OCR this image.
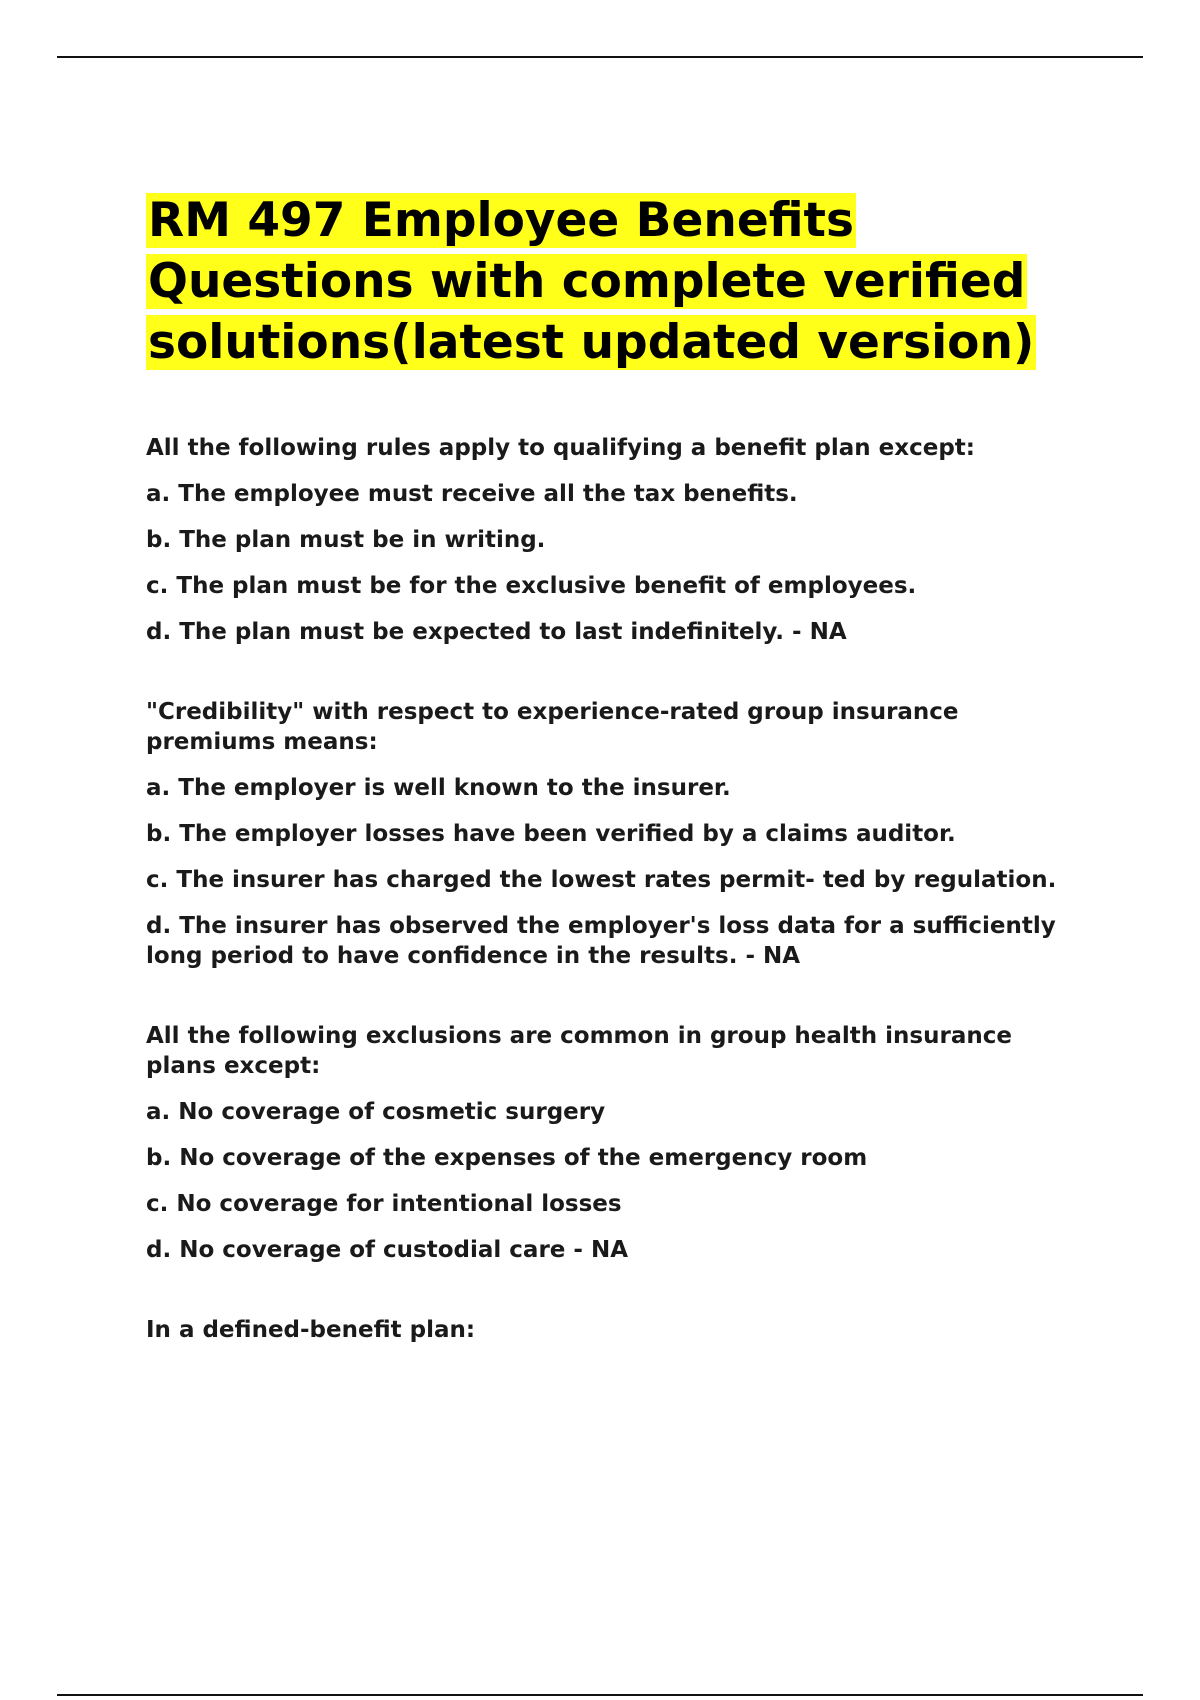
RM 497 Employee Benefits Questions with complete verified solutions(latest updated version)

All the following rules apply to qualifying a benefit plan except:

a. The employee must receive all the tax benefits.

b. The plan must be in writing.

c. The plan must be for the exclusive benefit of employees.

d. The plan must be expected to last indefinitely. - NA

"Credibility" with respect to experience-rated group insurance premiums means:

a. The employer is well known to the insurer.

b. The employer losses have been verified by a claims auditor.

c. The insurer has charged the lowest rates permit- ted by regulation.

d. The insurer has observed the employer's loss data for a sufficiently long period to have confidence in the results. - NA

All the following exclusions are common in group health insurance plans except:

a. No coverage of cosmetic surgery

b. No coverage of the expenses of the emergency room

c. No coverage for intentional losses

d. No coverage of custodial care - NA

In a defined-benefit plan:
